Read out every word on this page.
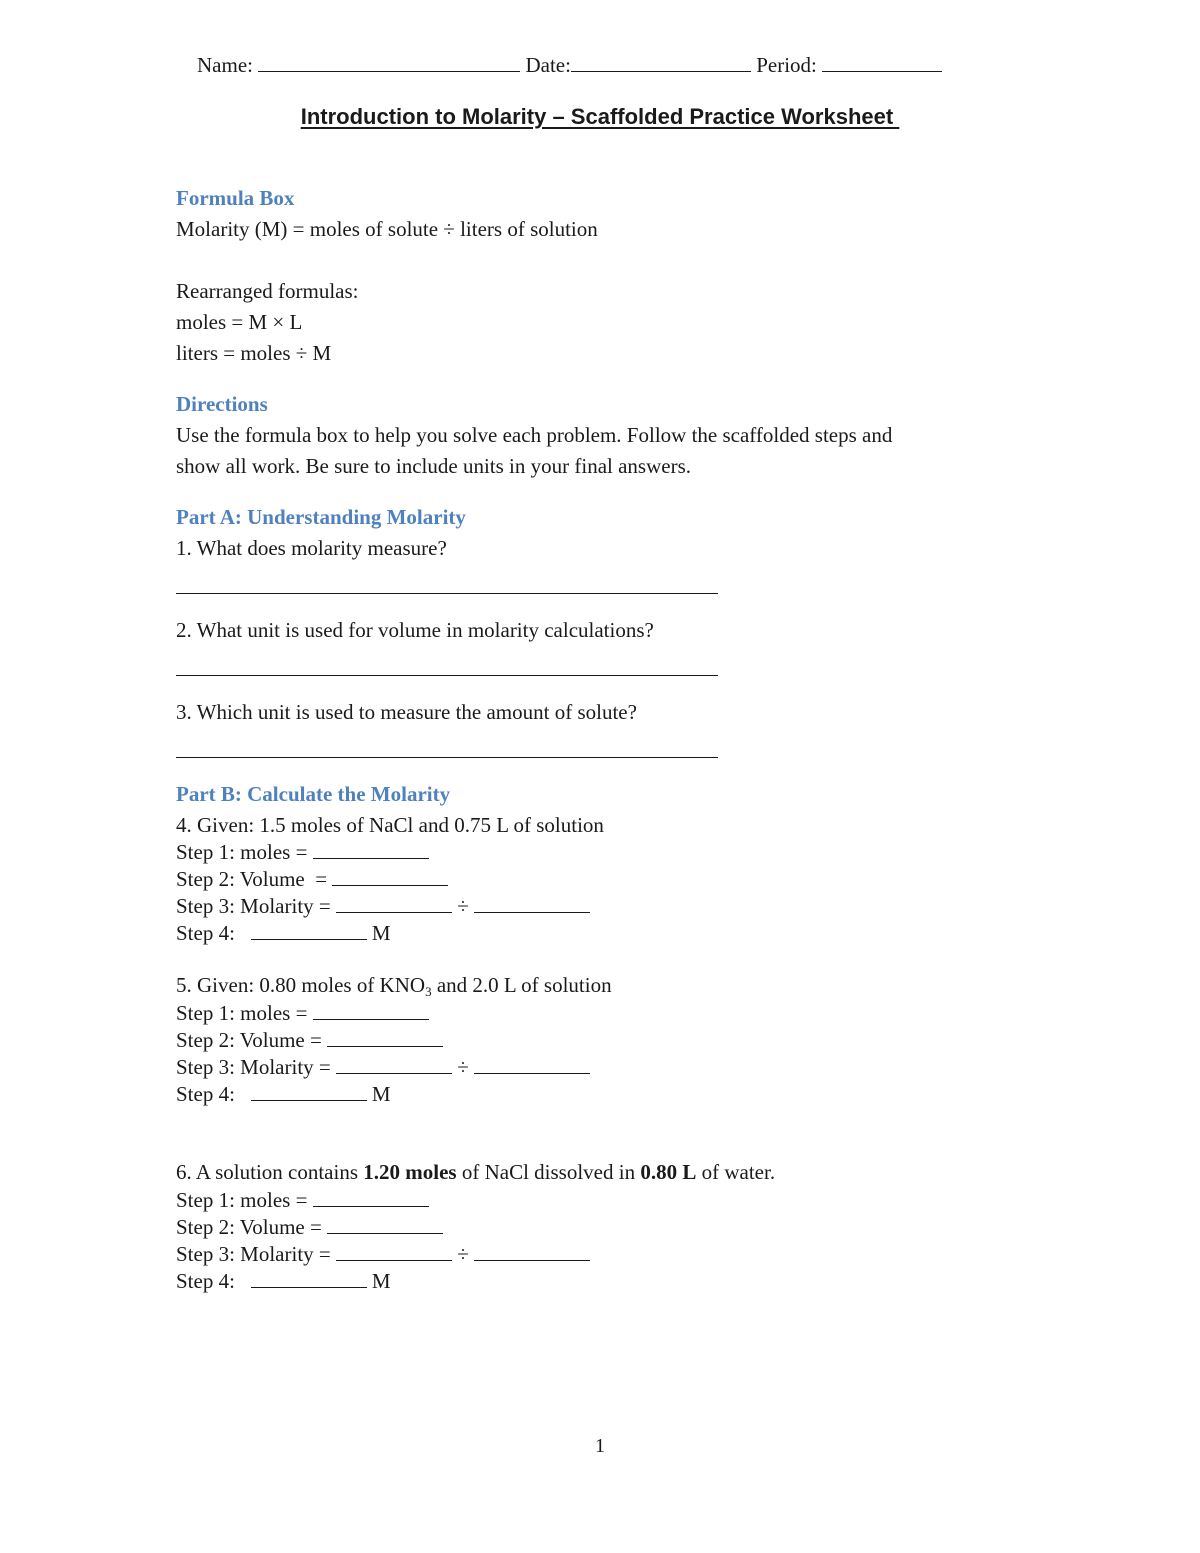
Name:	Date:	Period:

Introduction to Molarity – Scaffolded Practice Worksheet
Formula Box
Molarity (M) = moles of solute ÷ liters of solution
Rearranged formulas:
moles = M × L
liters = moles ÷ M
Directions
Use the formula box to help you solve each problem. Follow the scaffolded steps and
show all work. Be sure to include units in your final answers.
Part A: Understanding Molarity
1. What does molarity measure?
2. What unit is used for volume in molarity calculations?
3. Which unit is used to measure the amount of solute?
Part B: Calculate the Molarity
4. Given: 1.5 moles of NaCl and 0.75 L of solution
Step 1: moles =
Step 2: Volume  =
Step 3: Molarity =	÷
Step 4:	M
5. Given: 0.80 moles of $KNO_3$ and 2.0 L of solution
Step 1: moles =
Step 2: Volume =
Step 3: Molarity =	÷
Step 4:	M
6. A solution contains 1.20 moles of NaCl dissolved in 0.80 L of water.
Step 1: moles =
Step 2: Volume =
Step 3: Molarity =	÷
Step 4:	M
1
